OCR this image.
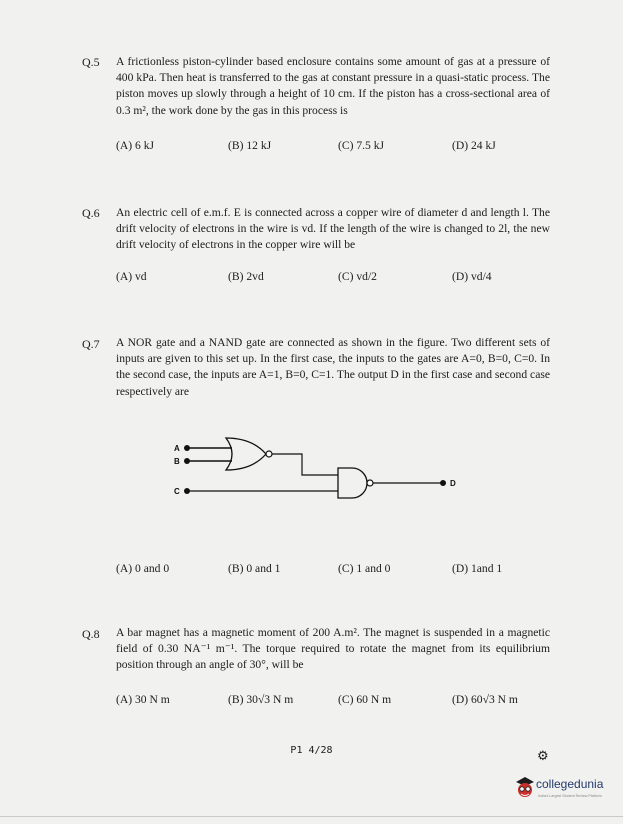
Q.5 A frictionless piston-cylinder based enclosure contains some amount of gas at a pressure of 400 kPa. Then heat is transferred to the gas at constant pressure in a quasi-static process. The piston moves up slowly through a height of 10 cm. If the piston has a cross-sectional area of 0.3 m², the work done by the gas in this process is
(A) 6 kJ	(B) 12 kJ	(C) 7.5 kJ	(D) 24 kJ
Q.6 An electric cell of e.m.f. E is connected across a copper wire of diameter d and length l. The drift velocity of electrons in the wire is vd. If the length of the wire is changed to 2l, the new drift velocity of electrons in the copper wire will be
(A) vd	(B) 2vd	(C) vd/2	(D) vd/4
Q.7 A NOR gate and a NAND gate are connected as shown in the figure. Two different sets of inputs are given to this set up. In the first case, the inputs to the gates are A=0, B=0, C=0. In the second case, the inputs are A=1, B=0, C=1. The output D in the first case and second case respectively are
A
B
C
D
(A) 0 and 0	(B) 0 and 1	(C) 1 and 0	(D) 1and 1
Q.8 A bar magnet has a magnetic moment of 200 A.m². The magnet is suspended in a magnetic field of 0.30 NA⁻¹ m⁻¹. The torque required to rotate the magnet from its equilibrium position through an angle of 30°, will be
(A) 30 N m	(B) 30√3 N m	(C) 60 N m	(D) 60√3 N m
P1 4/28	⚙
collegedunia
India's Largest Student Review Platform
